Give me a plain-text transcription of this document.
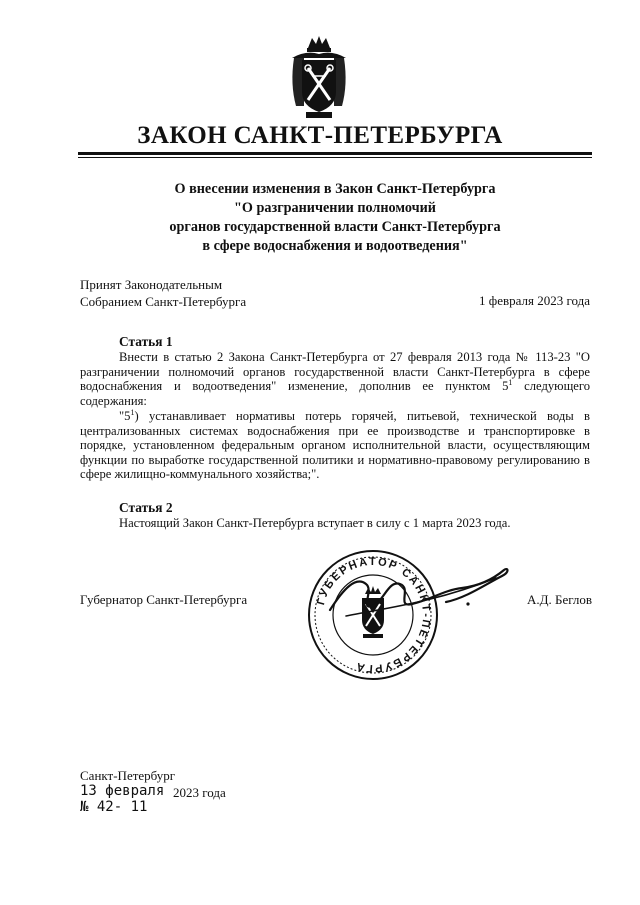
ЗАКОН САНКТ-ПЕТЕРБУРГА
О внесении изменения в Закон Санкт-Петербурга
"О разграничении полномочий
органов государственной власти Санкт-Петербурга
в сфере водоснабжения и водоотведения"
Принят Законодательным
Собранием Санкт-Петербурга	1 февраля 2023 года
Статья 1
Внести в статью 2 Закона Санкт-Петербурга от 27 февраля 2013 года № 113-23 "О разграничении полномочий органов государственной власти Санкт-Петербурга в сфере водоснабжения и водоотведения" изменение, дополнив ее пунктом $5^1$ следующего содержания:
"$5^1$) устанавливает нормативы потерь горячей, питьевой, технической воды в централизованных системах водоснабжения при ее производстве и транспортировке в порядке, установленном федеральным органом исполнительной власти, осуществляющим функции по выработке государственной политики и нормативно-правовому регулированию в сфере жилищно-коммунального хозяйства;".
Статья 2
Настоящий Закон Санкт-Петербурга вступает в силу с 1 марта 2023 года.
Губернатор Санкт-Петербурга	ГУБЕРНАТОР САНКТ-ПЕТЕРБУРГА
А.Д. Беглов
Санкт-Петербург
13 февраля 2023 года
№ 42- 11
